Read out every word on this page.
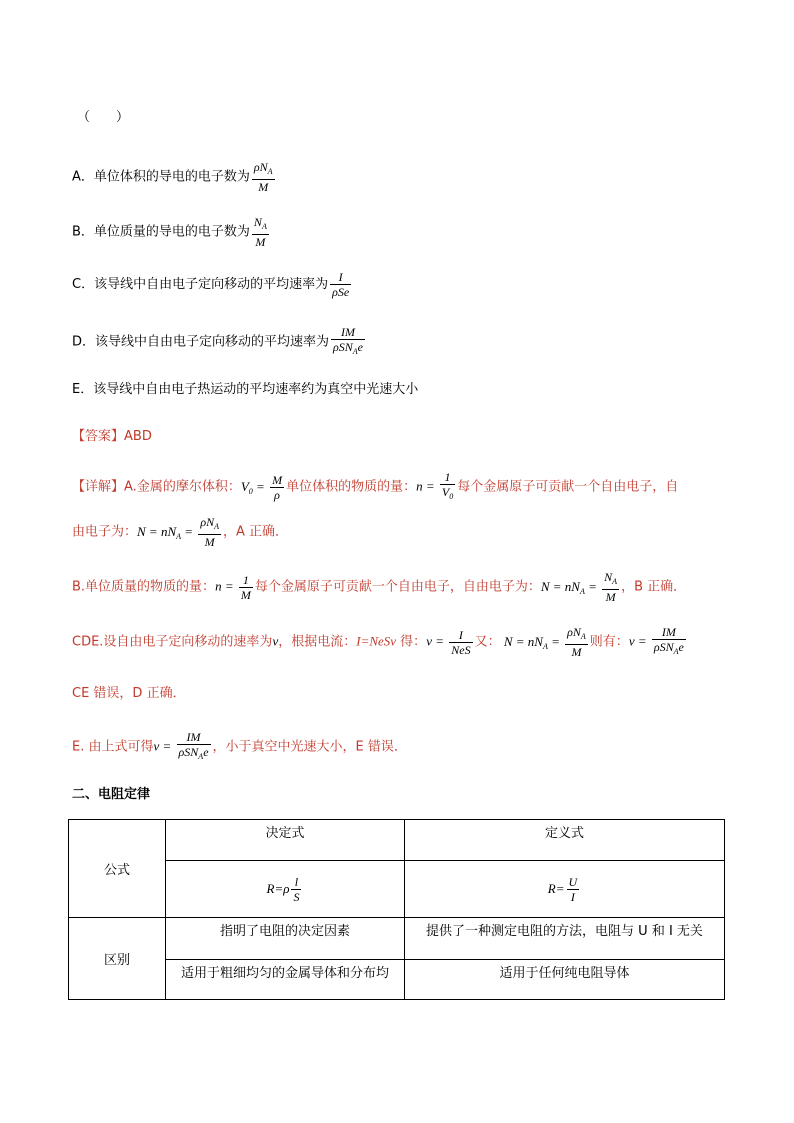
（　　）
A．单位体积的导电的电子数为 $\frac{\rho N_A}{M}$
B．单位质量的导电的电子数为 $\frac{N_A}{M}$
C．该导线中自由电子定向移动的平均速率为 $\frac{I}{\text{ρSe}}$
D．该导线中自由电子定向移动的平均速率为 $\frac{IM}{\rho SN_Ae}$
E．该导线中自由电子热运动的平均速率约为真空中光速大小
【答案】ABD
【详解】A.金属的摩尔体积：$V_0 = \frac{M}{\rho}$ 单位体积的物质的量：$n = \frac{1}{V_0}$ 每个金属原子可贡献一个自由电子，自
由电子为：$N = nN_A = \frac{\rho N_A}{M}$ ，A 正确．
B.单位质量的物质的量：$n = \frac{1}{M}$ 每个金属原子可贡献一个自由电子，自由电子为：$N = nN_A = \frac{N_A}{M}$ ，B 正确．
CDE.设自由电子定向移动的速率为v，根据电流：I=NeSv 得：$v = \frac{I}{\text{NeS}}$ 又： $N = nN_A = \frac{\rho N_A}{M}$ 则有：$v = \frac{IM}{\rho SN_Ae}$
CE 错误，D 正确．
E. 由上式可得$v = \frac{IM}{\rho SN_Ae}$ ，小于真空中光速大小，E 错误．
二、电阻定律
公式	决定式	定义式
	$R=\rho \frac{l}{S}$	$R= \frac{U}{I}$

区别	指明了电阻的决定因素	提供了一种测定电阻的方法，电阻与 U 和 I 无关
	适用于粗细均匀的金属导体和分布均	适用于任何纯电阻导体
